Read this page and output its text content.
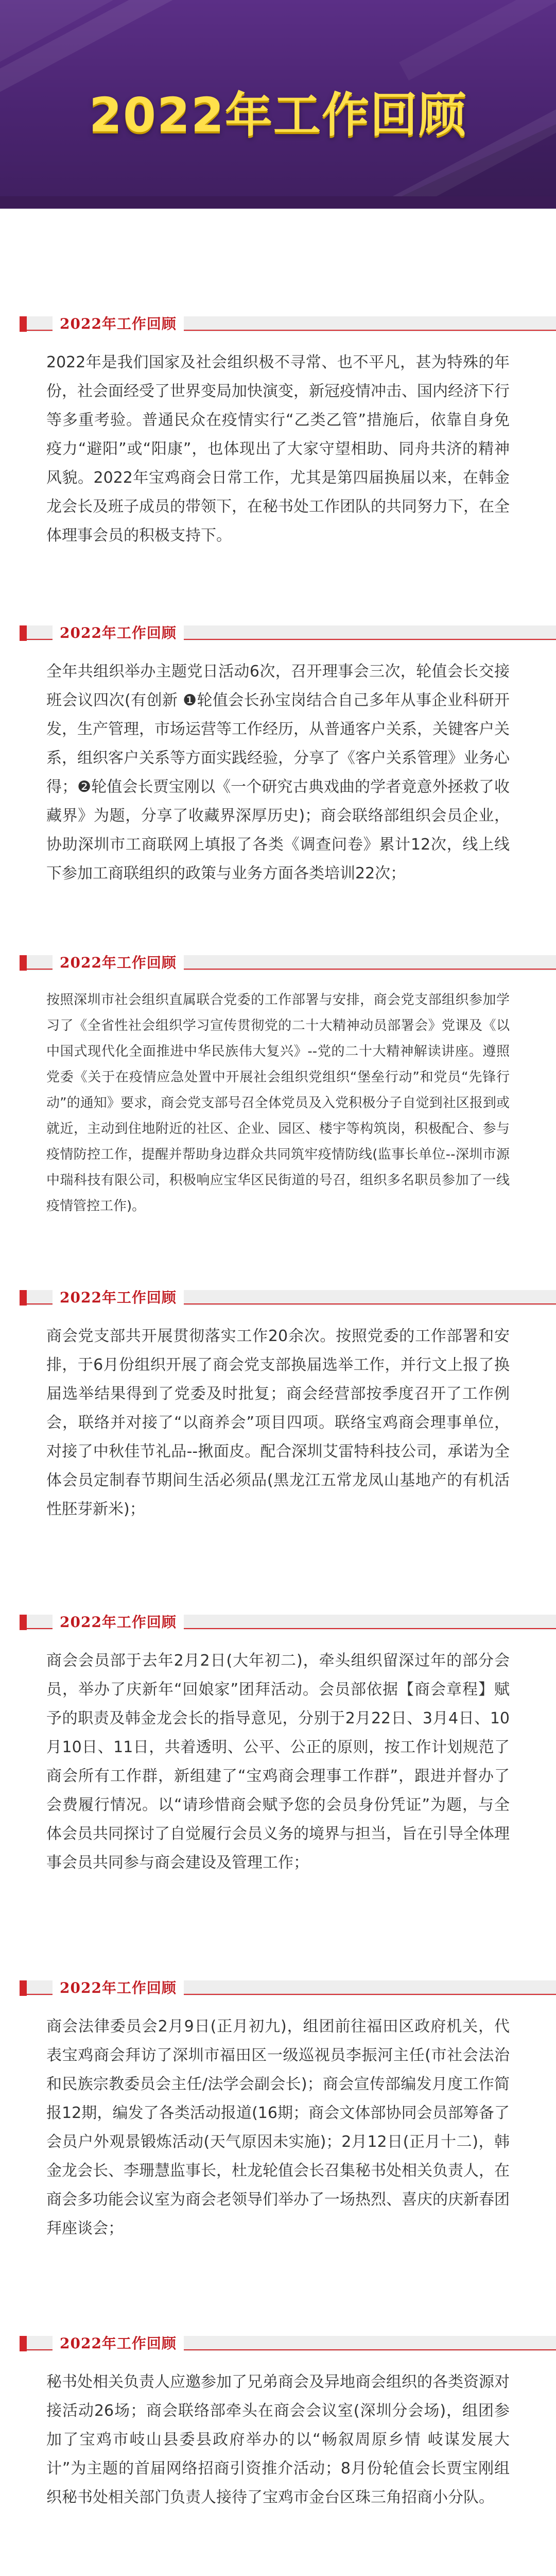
2022年工作回顾
2022年工作回顾
2022年是我们国家及社会组织极不寻常、也不平凡，甚为特殊的年份，社会面经受了世界变局加快演变，新冠疫情冲击、国内经济下行等多重考验。普通民众在疫情实行“乙类乙管”措施后，依靠自身免疫力“避阳”或“阳康”，也体现出了大家守望相助、同舟共济的精神风貌。2022年宝鸡商会日常工作，尤其是第四届换届以来，在韩金龙会长及班子成员的带领下，在秘书处工作团队的共同努力下，在全体理事会员的积极支持下。
2022年工作回顾
全年共组织举办主题党日活动6次，召开理事会三次，轮值会长交接班会议四次(有创新 ❶轮值会长孙宝岗结合自己多年从事企业科研开发，生产管理，市场运营等工作经历，从普通客户关系，关键客户关系，组织客户关系等方面实践经验，分享了《客户关系管理》业务心得；❷轮值会长贾宝刚以《一个研究古典戏曲的学者竟意外拯救了收藏界》为题，分享了收藏界深厚历史)；商会联络部组织会员企业，协助深圳市工商联网上填报了各类《调查问卷》累计12次，线上线下参加工商联组织的政策与业务方面各类培训22次；
2022年工作回顾
按照深圳市社会组织直属联合党委的工作部署与安排，商会党支部组织参加学习了《全省性社会组织学习宣传贯彻党的二十大精神动员部署会》党课及《以中国式现代化全面推进中华民族伟大复兴》--党的二十大精神解读讲座。遵照党委《关于在疫情应急处置中开展社会组织党组织“堡垒行动”和党员“先锋行动”的通知》要求，商会党支部号召全体党员及入党积极分子自觉到社区报到或就近，主动到住地附近的社区、企业、园区、楼宇等构筑岗，积极配合、参与疫情防控工作，提醒并帮助身边群众共同筑牢疫情防线(监事长单位--深圳市源中瑞科技有限公司，积极响应宝华区民街道的号召，组织多名职员参加了一线疫情管控工作)。
2022年工作回顾
商会党支部共开展贯彻落实工作20余次。按照党委的工作部署和安排，于6月份组织开展了商会党支部换届选举工作，并行文上报了换届选举结果得到了党委及时批复；商会经营部按季度召开了工作例会，联络并对接了“以商养会”项目四项。联络宝鸡商会理事单位，对接了中秋佳节礼品--揪面皮。配合深圳艾雷特科技公司，承诺为全体会员定制春节期间生活必须品(黑龙江五常龙凤山基地产的有机活性胚芽新米)；
2022年工作回顾
商会会员部于去年2月2日(大年初二)，牵头组织留深过年的部分会员，举办了庆新年“回娘家”团拜活动。会员部依据【商会章程】赋予的职责及韩金龙会长的指导意见，分别于2月22日、3月4日、10月10日、11日，共着透明、公平、公正的原则，按工作计划规范了商会所有工作群，新组建了“宝鸡商会理事工作群”，跟进并督办了会费履行情况。以“请珍惜商会赋予您的会员身份凭证”为题，与全体会员共同探讨了自觉履行会员义务的境界与担当，旨在引导全体理事会员共同参与商会建设及管理工作；
2022年工作回顾
商会法律委员会2月9日(正月初九)，组团前往福田区政府机关，代表宝鸡商会拜访了深圳市福田区一级巡视员李振河主任(市社会法治和民族宗教委员会主任/法学会副会长)；商会宣传部编发月度工作简报12期，编发了各类活动报道(16期；商会文体部协同会员部筹备了会员户外观景锻炼活动(天气原因未实施)；2月12日(正月十二)，韩金龙会长、李珊慧监事长，杜龙轮值会长召集秘书处相关负责人，在商会多功能会议室为商会老领导们举办了一场热烈、喜庆的庆新春团拜座谈会；
2022年工作回顾
秘书处相关负责人应邀参加了兄弟商会及异地商会组织的各类资源对接活动26场；商会联络部牵头在商会会议室(深圳分会场)，组团参加了宝鸡市岐山县委县政府举办的以“畅叙周原乡情 岐谋发展大计”为主题的首届网络招商引资推介活动；8月份轮值会长贾宝刚组织秘书处相关部门负责人接待了宝鸡市金台区珠三角招商小分队。
